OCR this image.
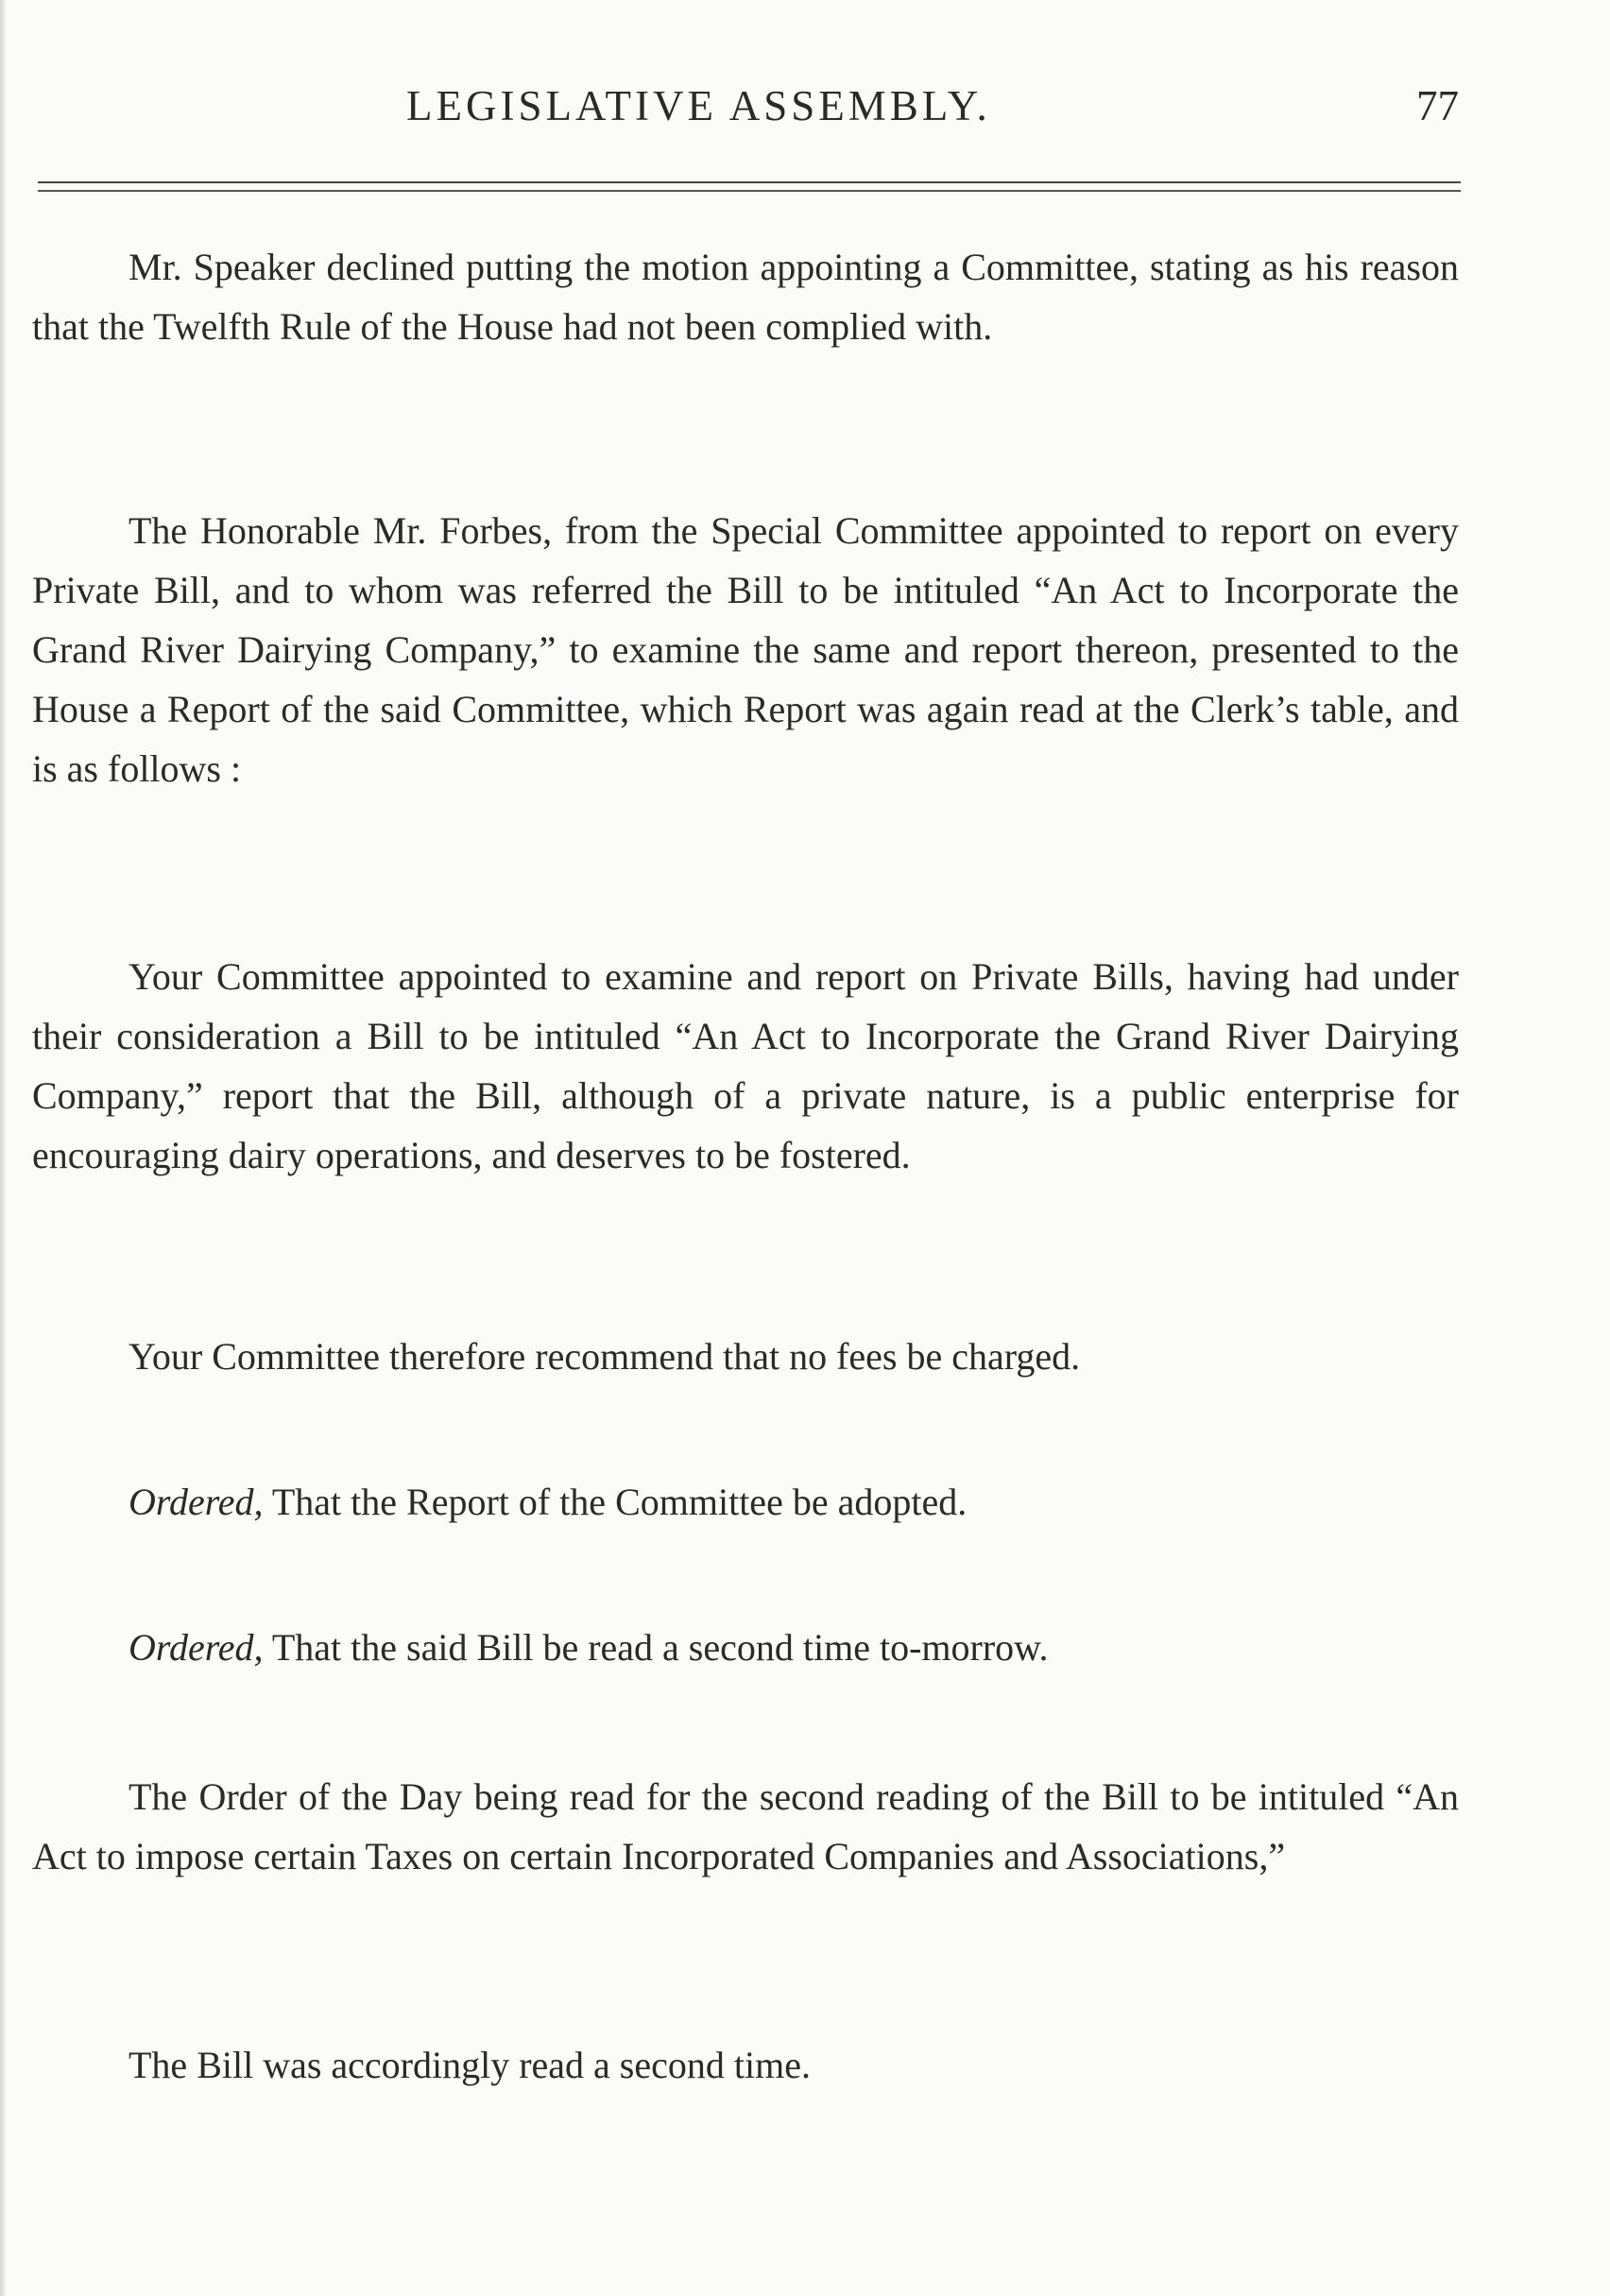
LEGISLATIVE ASSEMBLY.	77

Mr. Speaker declined putting the motion appointing a Committee, stating as his reason that the Twelfth Rule of the House had not been complied with.

The Honorable Mr. Forbes, from the Special Committee appointed to report on every Private Bill, and to whom was referred the Bill to be intituled “An Act to Incorporate the Grand River Dairying Company,” to examine the same and report thereon, presented to the House a Report of the said Committee, which Report was again read at the Clerk’s table, and is as follows :

Your Committee appointed to examine and report on Private Bills, having had under their consideration a Bill to be intituled “An Act to Incorporate the Grand River Dairying Company,” report that the Bill, although of a private nature, is a public enterprise for encouraging dairy operations, and deserves to be fostered.

Your Committee therefore recommend that no fees be charged.

Ordered, That the Report of the Committee be adopted.

Ordered, That the said Bill be read a second time to-morrow.

The Order of the Day being read for the second reading of the Bill to be intituled “An Act to impose certain Taxes on certain Incorporated Companies and Associations,”

The Bill was accordingly read a second time.
